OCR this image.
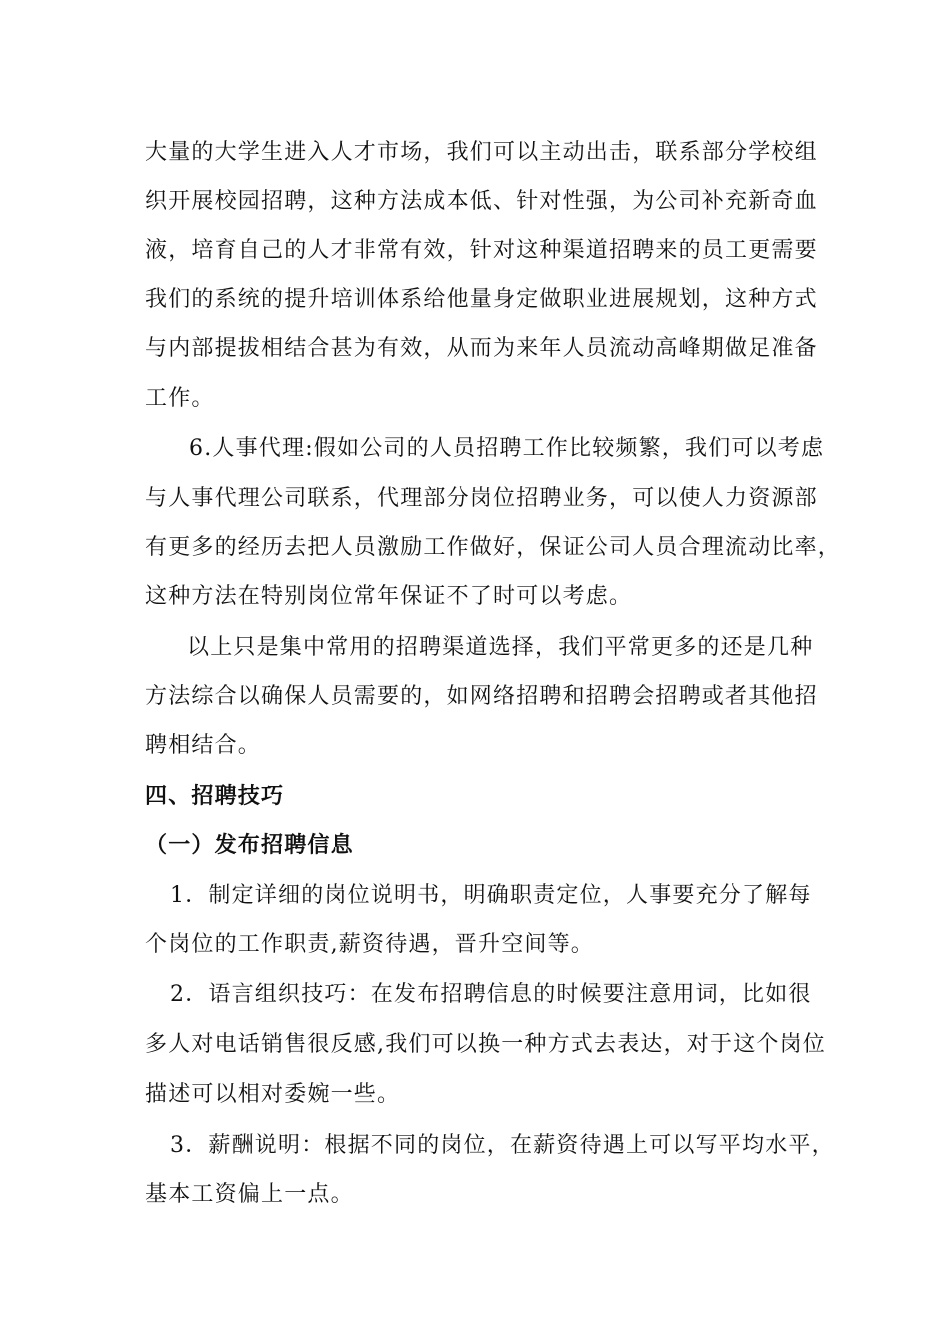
大量的大学生进入人才市场，我们可以主动出击，联系部分学校组
织开展校园招聘，这种方法成本低、针对性强，为公司补充新奇血
液，培育自己的人才非常有效，针对这种渠道招聘来的员工更需要
我们的系统的提升培训体系给他量身定做职业进展规划，这种方式
与内部提拔相结合甚为有效，从而为来年人员流动高峰期做足准备
工作。
6.人事代理:假如公司的人员招聘工作比较频繁，我们可以考虑
与人事代理公司联系，代理部分岗位招聘业务，可以使人力资源部
有更多的经历去把人员激励工作做好，保证公司人员合理流动比率，
这种方法在特别岗位常年保证不了时可以考虑。
以上只是集中常用的招聘渠道选择，我们平常更多的还是几种
方法综合以确保人员需要的，如网络招聘和招聘会招聘或者其他招
聘相结合。
四、招聘技巧
（一）发布招聘信息
1．制定详细的岗位说明书，明确职责定位，人事要充分了解每
个岗位的工作职责,薪资待遇，晋升空间等。
2．语言组织技巧：在发布招聘信息的时候要注意用词，比如很
多人对电话销售很反感,我们可以换一种方式去表达，对于这个岗位
描述可以相对委婉一些。
3．薪酬说明：根据不同的岗位，在薪资待遇上可以写平均水平，
基本工资偏上一点。
